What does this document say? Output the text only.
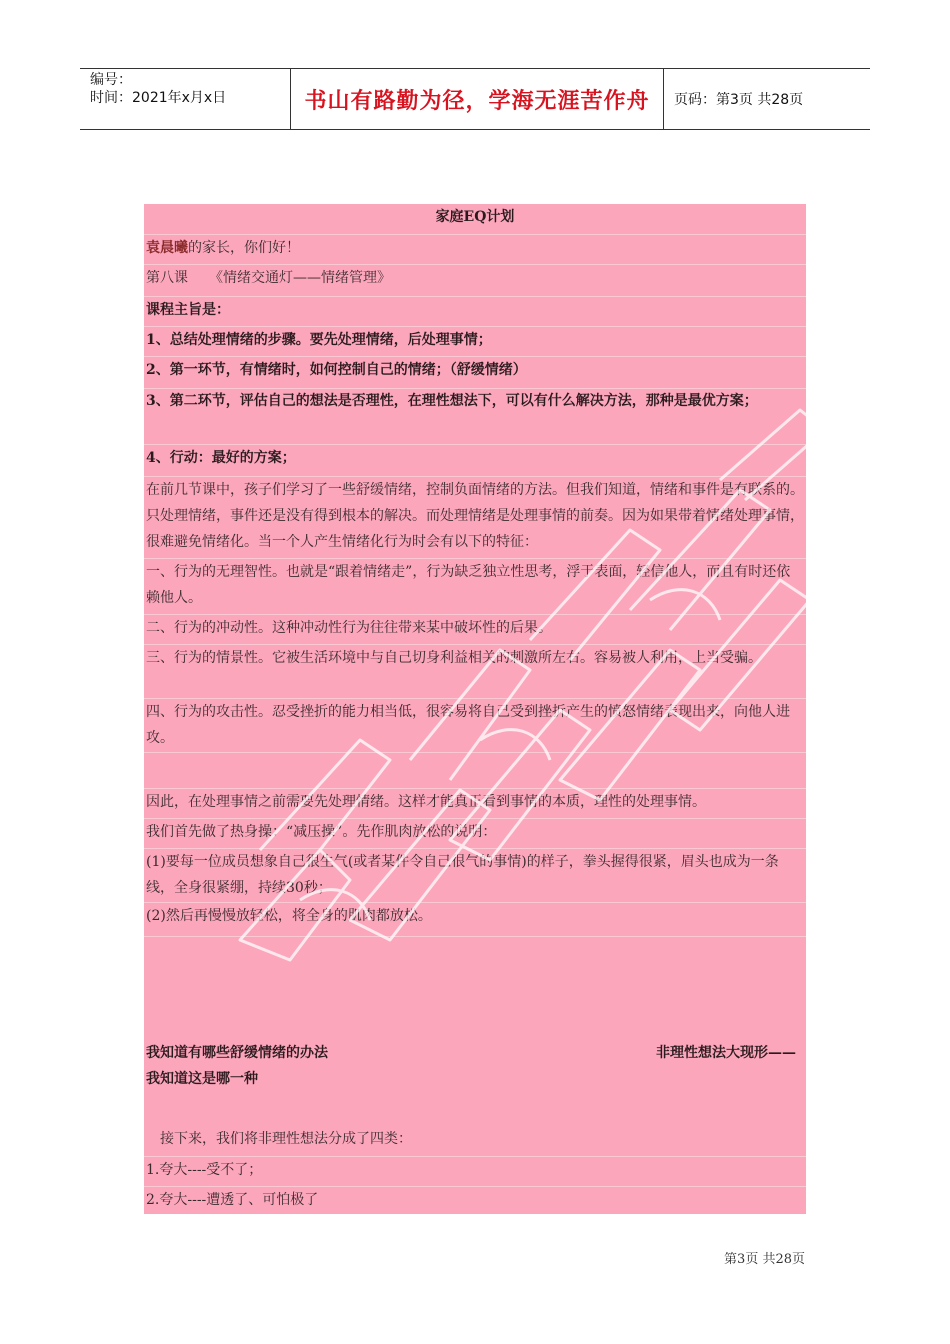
编号：
时间：2021年x月x日	书山有路勤为径，学海无涯苦作舟	页码：第3页 共28页
家庭EQ计划
袁晨曦的家长，你们好！
第八课　　《情绪交通灯——情绪管理》
课程主旨是：
1、总结处理情绪的步骤。要先处理情绪，后处理事情；
2、第一环节，有情绪时，如何控制自己的情绪；（舒缓情绪）
3、第二环节，评估自己的想法是否理性，在理性想法下，可以有什么解决方法，那种是最优方案；
4、行动：最好的方案；
在前几节课中，孩子们学习了一些舒缓情绪，控制负面情绪的方法。但我们知道，情绪和事件是有联系的。只处理情绪，事件还是没有得到根本的解决。而处理情绪是处理事情的前奏。因为如果带着情绪处理事情，很难避免情绪化。当一个人产生情绪化行为时会有以下的特征：
一、行为的无理智性。也就是“跟着情绪走”，行为缺乏独立性思考，浮于表面，轻信他人，而且有时还依赖他人。
二、行为的冲动性。这种冲动性行为往往带来某中破坏性的后果。
三、行为的情景性。它被生活环境中与自己切身利益相关的刺激所左右。容易被人利用，上当受骗。
四、行为的攻击性。忍受挫折的能力相当低，很容易将自己受到挫折产生的愤怒情绪表现出来，向他人进攻。
因此，在处理事情之前需要先处理情绪。这样才能真正看到事情的本质，理性的处理事情。
我们首先做了热身操：“减压操”。先作肌肉放松的说明：
(1)要每一位成员想象自己很生气(或者某件令自己很气的事情)的样子，拳头握得很紧，眉头也成为一条线，全身很紧绷，持续30秒；
(2)然后再慢慢放轻松，将全身的肌肉都放松。
我知道有哪些舒缓情绪的办法	非理性想法大现形——
我知道这是哪一种
接下来，我们将非理性想法分成了四类：
1.夸大----受不了；
2.夸大----遭透了、可怕极了
第3页 共28页
